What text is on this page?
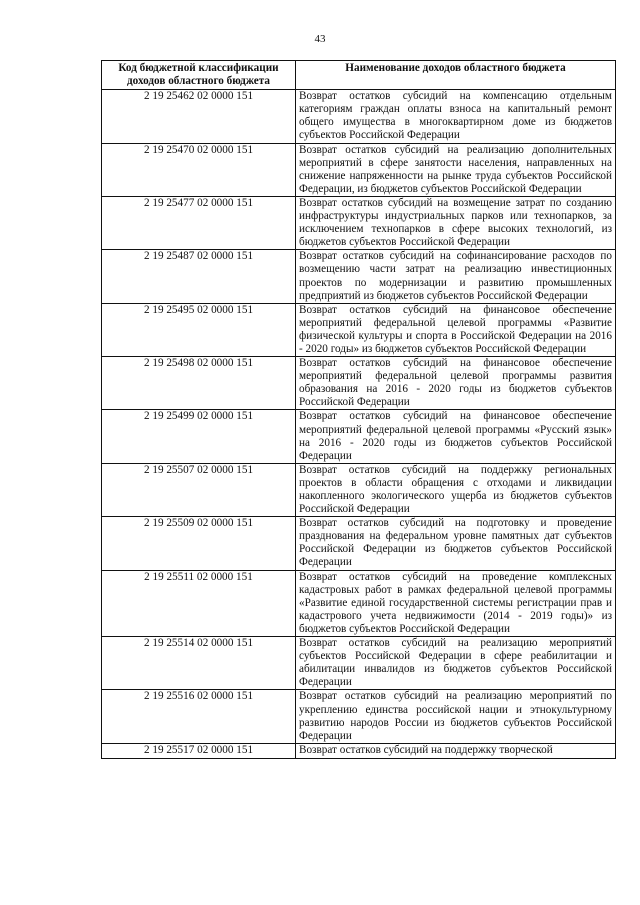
43
Код бюджетной классификации доходов областного бюджета	Наименование доходов областного бюджета
2 19 25462 02 0000 151	Возврат остатков субсидий на компенсацию отдельным категориям граждан оплаты взноса на капитальный ремонт общего имущества в многоквартирном доме из бюджетов субъектов Российской Федерации
2 19 25470 02 0000 151	Возврат остатков субсидий на реализацию дополнительных мероприятий в сфере занятости населения, направленных на снижение напряженности на рынке труда субъектов Российской Федерации, из бюджетов субъектов Российской Федерации
2 19 25477 02 0000 151	Возврат остатков субсидий на возмещение затрат по созданию инфраструктуры индустриальных парков или технопарков, за исключением технопарков в сфере высоких технологий, из бюджетов субъектов Российской Федерации
2 19 25487 02 0000 151	Возврат остатков субсидий на софинансирование расходов по возмещению части затрат на реализацию инвестиционных проектов по модернизации и развитию промышленных предприятий из бюджетов субъектов Российской Федерации
2 19 25495 02 0000 151	Возврат остатков субсидий на финансовое обеспечение мероприятий федеральной целевой программы «Развитие физической культуры и спорта в Российской Федерации на 2016 - 2020 годы» из бюджетов субъектов Российской Федерации
2 19 25498 02 0000 151	Возврат остатков субсидий на финансовое обеспечение мероприятий федеральной целевой программы развития образования на 2016 - 2020 годы из бюджетов субъектов Российской Федерации
2 19 25499 02 0000 151	Возврат остатков субсидий на финансовое обеспечение мероприятий федеральной целевой программы «Русский язык» на 2016 - 2020 годы из бюджетов субъектов Российской Федерации
2 19 25507 02 0000 151	Возврат остатков субсидий на поддержку региональных проектов в области обращения с отходами и ликвидации накопленного экологического ущерба из бюджетов субъектов Российской Федерации
2 19 25509 02 0000 151	Возврат остатков субсидий на подготовку и проведение празднования на федеральном уровне памятных дат субъектов Российской Федерации из бюджетов субъектов Российской Федерации
2 19 25511 02 0000 151	Возврат остатков субсидий на проведение комплексных кадастровых работ в рамках федеральной целевой программы «Развитие единой государственной системы регистрации прав и кадастрового учета недвижимости (2014 - 2019 годы)» из бюджетов субъектов Российской Федерации
2 19 25514 02 0000 151	Возврат остатков субсидий на реализацию мероприятий субъектов Российской Федерации в сфере реабилитации и абилитации инвалидов из бюджетов субъектов Российской Федерации
2 19 25516 02 0000 151	Возврат остатков субсидий на реализацию мероприятий по укреплению единства российской нации и этнокультурному развитию народов России из бюджетов субъектов Российской Федерации
2 19 25517 02 0000 151	Возврат остатков субсидий на поддержку творческой
